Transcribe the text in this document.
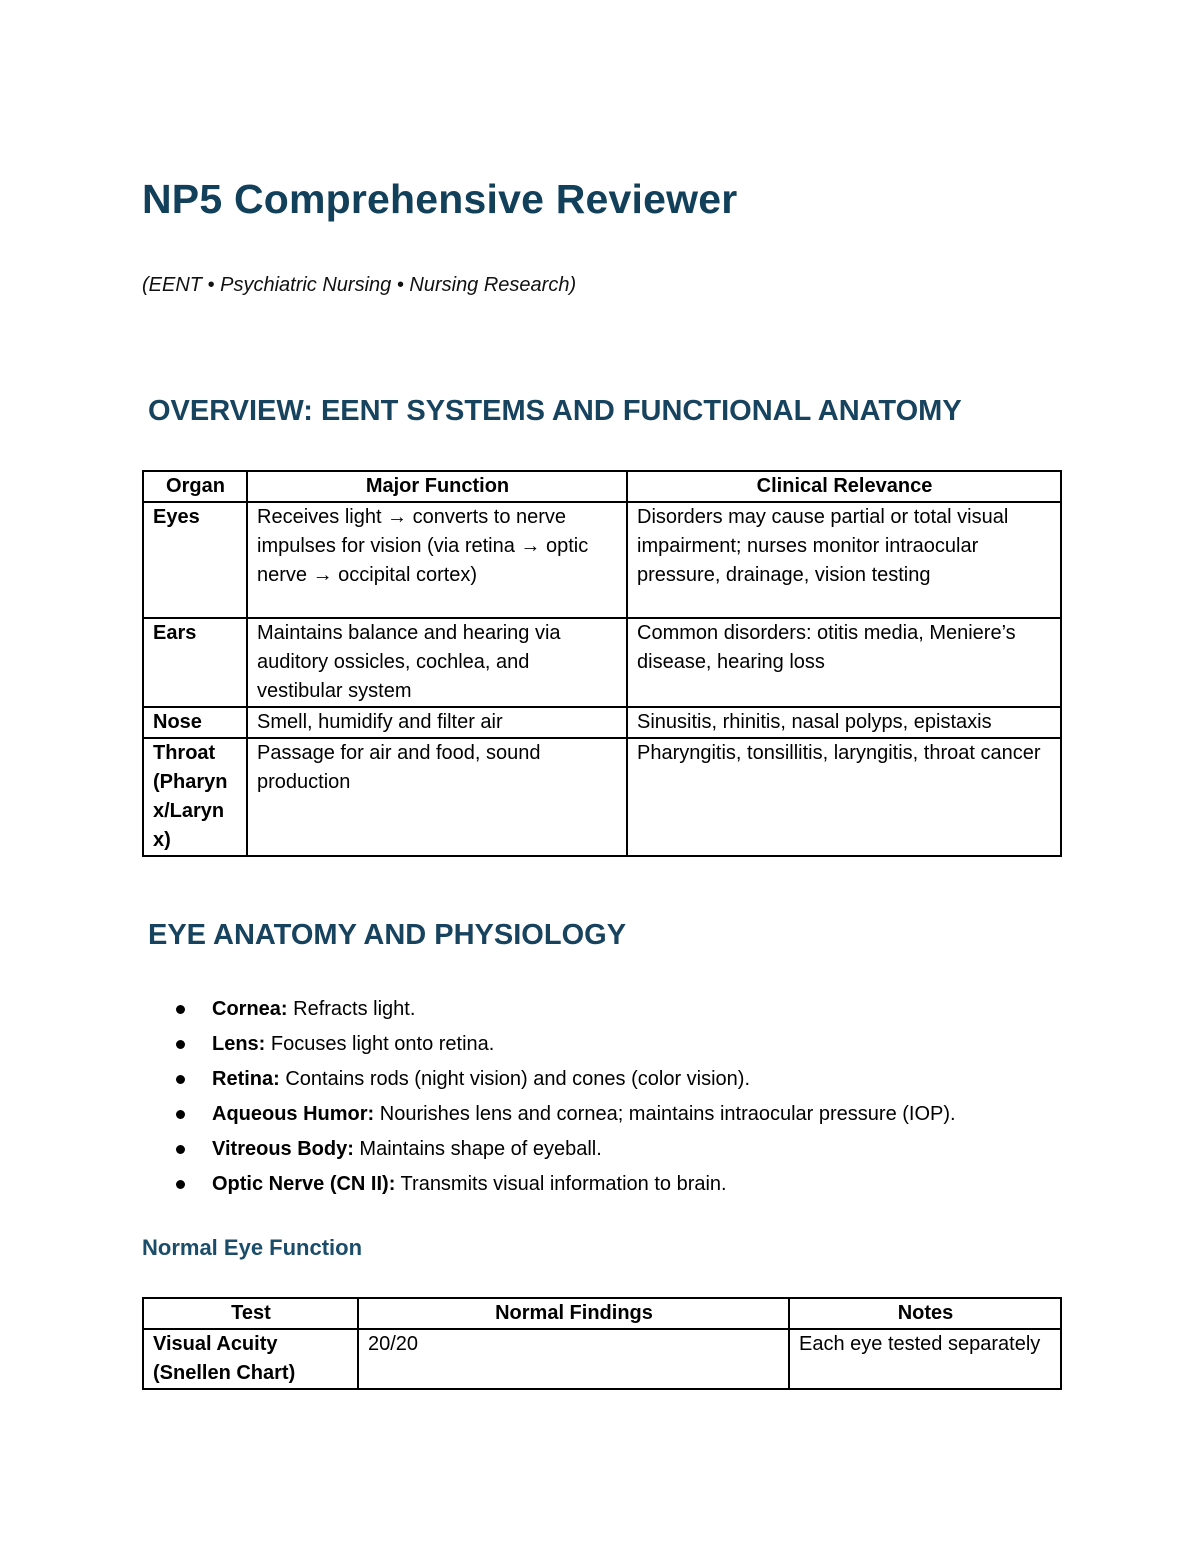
NP5 Comprehensive Reviewer

(EENT • Psychiatric Nursing • Nursing Research)

OVERVIEW: EENT SYSTEMS AND FUNCTIONAL ANATOMY
Organ	Major Function	Clinical Relevance
Eyes	Receives light → converts to nerve impulses for vision (via retina → optic nerve → occipital cortex)	Disorders may cause partial or total visual impairment; nurses monitor intraocular pressure, drainage, vision testing
Ears	Maintains balance and hearing via auditory ossicles, cochlea, and vestibular system	Common disorders: otitis media, Meniere’s disease, hearing loss
Nose	Smell, humidify and filter air	Sinusitis, rhinitis, nasal polyps, epistaxis
Throat (Pharynx/Larynx)	Passage for air and food, sound production	Pharyngitis, tonsillitis, laryngitis, throat cancer
EYE ANATOMY AND PHYSIOLOGY
Cornea: Refracts light.
Lens: Focuses light onto retina.
Retina: Contains rods (night vision) and cones (color vision).
Aqueous Humor: Nourishes lens and cornea; maintains intraocular pressure (IOP).
Vitreous Body: Maintains shape of eyeball.
Optic Nerve (CN II): Transmits visual information to brain.
Normal Eye Function
Test	Normal Findings	Notes
Visual Acuity (Snellen Chart)	20/20	Each eye tested separately
